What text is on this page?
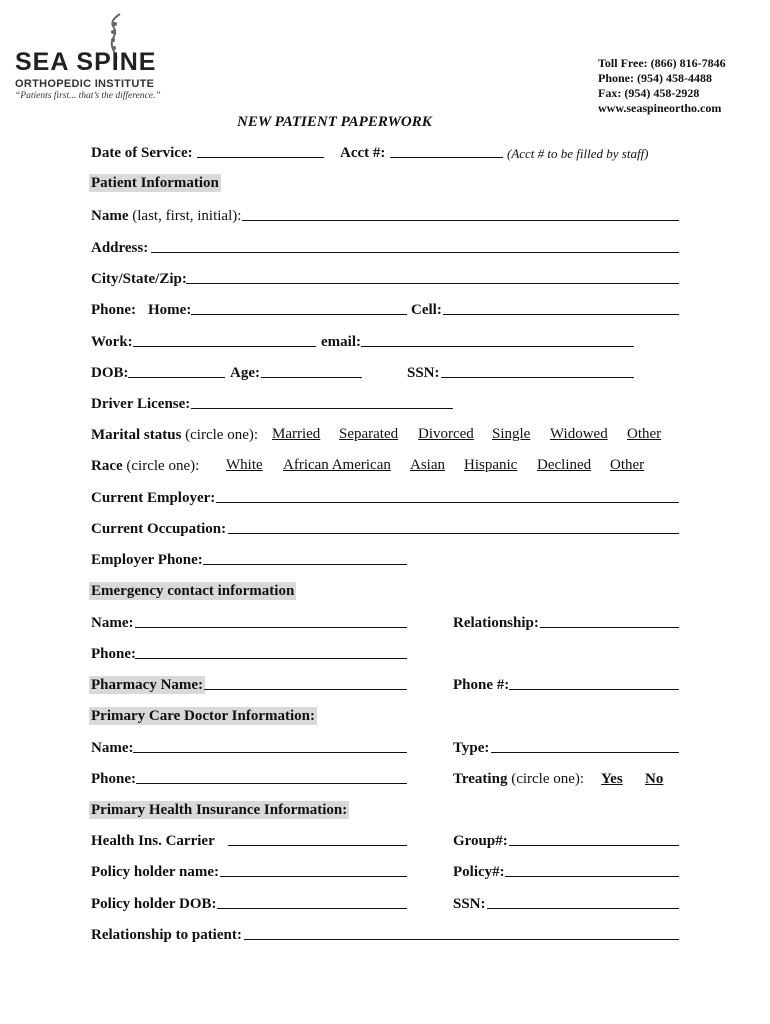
SEA SPINE
ORTHOPEDIC INSTITUTE
“Patients first... that’s the difference.”
Toll Free: (866) 816-7846
Phone: (954) 458-4488
Fax: (954) 458-2928
www.seaspineortho.com
NEW PATIENT PAPERWORK
Date of Service:	Acct #:	(Acct # to be filled by staff)
Patient Information
Name (last, first, initial):
Address:
City/State/Zip:
Phone: Home:	Cell:
Work:	email:
DOB:	Age:	SSN:
Driver License:
Marital status (circle one): Married Separated Divorced Single Widowed Other
Race (circle one): White African American Asian Hispanic Declined Other
Current Employer:
Current Occupation:
Employer Phone:
Emergency contact information
Name:	Relationship:
Phone:
Pharmacy Name:	Phone #:
Primary Care Doctor Information:
Name:	Type:
Phone:	Treating (circle one): Yes No
Primary Health Insurance Information:
Health Ins. Carrier	Group#:
Policy holder name:	Policy#:
Policy holder DOB:	SSN:
Relationship to patient:
